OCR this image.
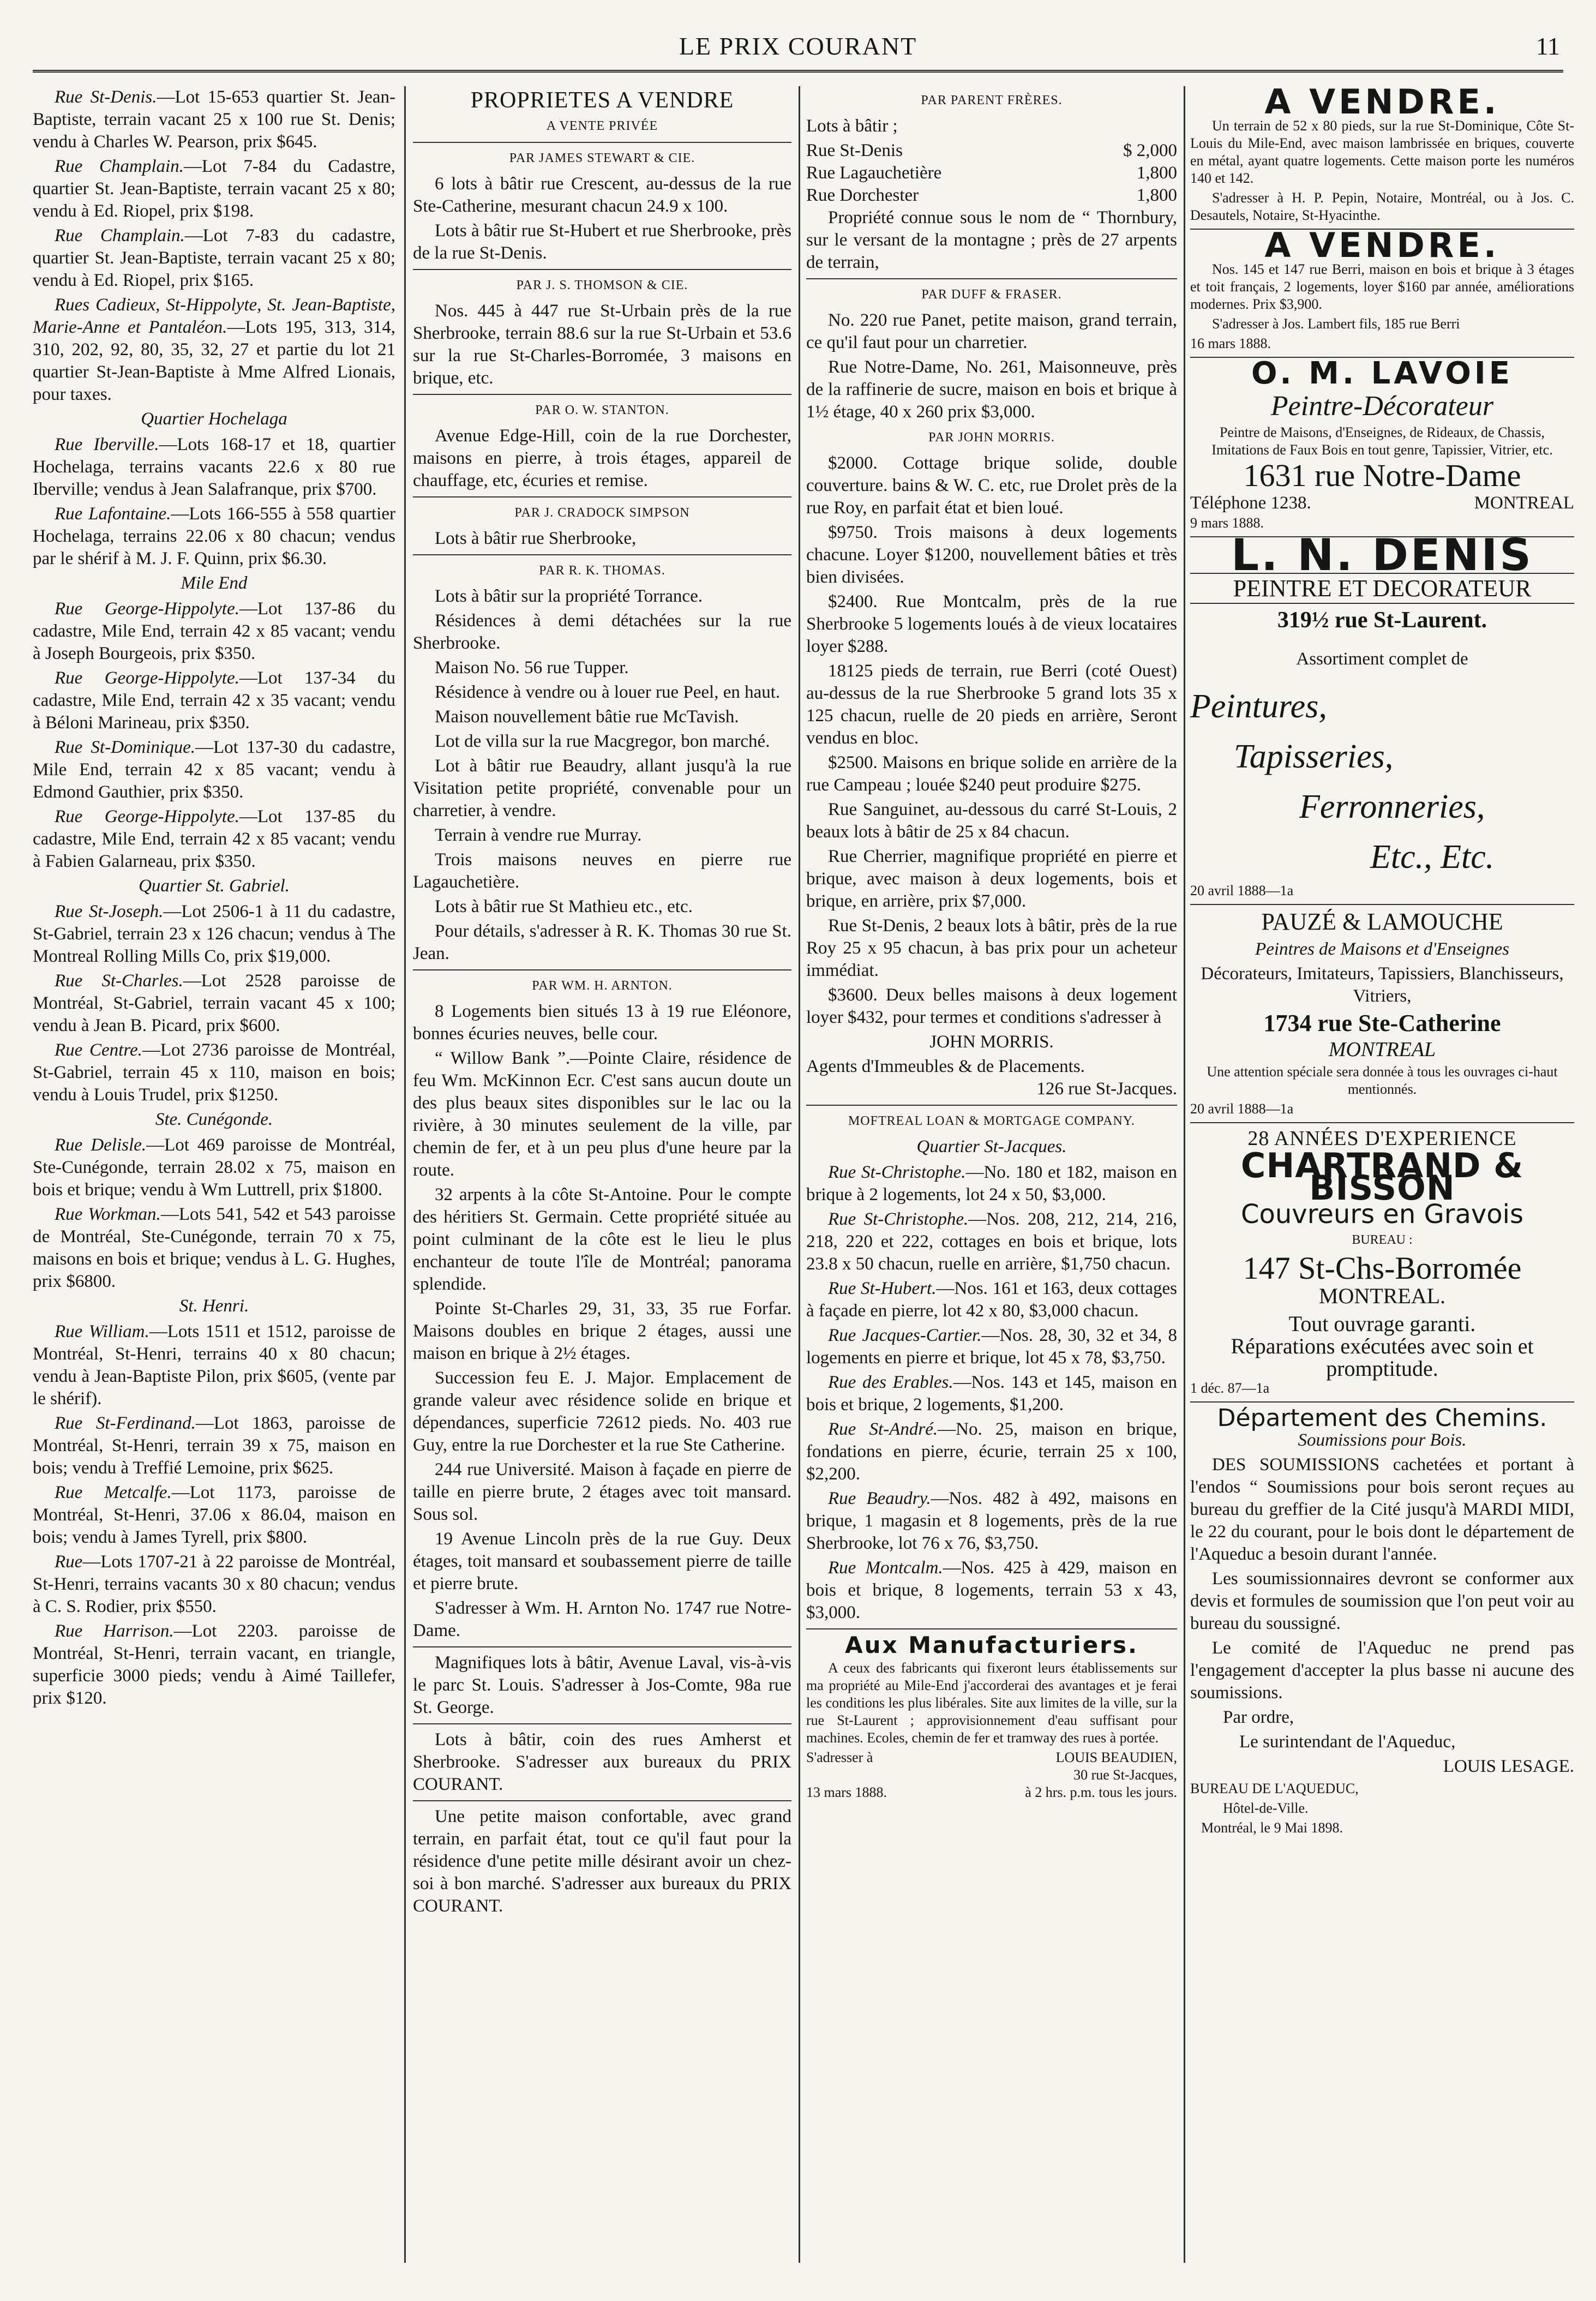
LE PRIX COURANT	11

Rue St-Denis.—Lot 15-653 quartier St. Jean-Baptiste, terrain vacant 25 x 100 rue St. Denis; vendu à Charles W. Pearson, prix $645.

Rue Champlain.—Lot 7-84 du Cadastre, quartier St. Jean-Baptiste, terrain vacant 25 x 80; vendu à Ed. Riopel, prix $198.

Rue Champlain.—Lot 7-83 du cadastre, quartier St. Jean-Baptiste, terrain vacant 25 x 80; vendu à Ed. Riopel, prix $165.

Rues Cadieux, St-Hippolyte, St. Jean-Baptiste, Marie-Anne et Pantaléon.—Lots 195, 313, 314, 310, 202, 92, 80, 35, 32, 27 et partie du lot 21 quartier St-Jean-Baptiste à Mme Alfred Lionais, pour taxes.

Quartier Hochelaga

Rue Iberville.—Lots 168-17 et 18, quartier Hochelaga, terrains vacants 22.6 x 80 rue Iberville; vendus à Jean Salafranque, prix $700.

Rue Lafontaine.—Lots 166-555 à 558 quartier Hochelaga, terrains 22.06 x 80 chacun; vendus par le shérif à M. J. F. Quinn, prix $6.30.

Mile End

Rue George-Hippolyte.—Lot 137-86 du cadastre, Mile End, terrain 42 x 85 vacant; vendu à Joseph Bourgeois, prix $350.

Rue George-Hippolyte.—Lot 137-34 du cadastre, Mile End, terrain 42 x 35 vacant; vendu à Béloni Marineau, prix $350.

Rue St-Dominique.—Lot 137-30 du cadastre, Mile End, terrain 42 x 85 vacant; vendu à Edmond Gauthier, prix $350.

Rue George-Hippolyte.—Lot 137-85 du cadastre, Mile End, terrain 42 x 85 vacant; vendu à Fabien Galarneau, prix $350.

Quartier St. Gabriel.

Rue St-Joseph.—Lot 2506-1 à 11 du cadastre, St-Gabriel, terrain 23 x 126 chacun; vendus à The Montreal Rolling Mills Co, prix $19,000.

Rue St-Charles.—Lot 2528 paroisse de Montréal, St-Gabriel, terrain vacant 45 x 100; vendu à Jean B. Picard, prix $600.

Rue Centre.—Lot 2736 paroisse de Montréal, St-Gabriel, terrain 45 x 110, maison en bois; vendu à Louis Trudel, prix $1250.

Ste. Cunégonde.

Rue Delisle.—Lot 469 paroisse de Montréal, Ste-Cunégonde, terrain 28.02 x 75, maison en bois et brique; vendu à Wm Luttrell, prix $1800.

Rue Workman.—Lots 541, 542 et 543 paroisse de Montréal, Ste-Cunégonde, terrain 70 x 75, maisons en bois et brique; vendus à L. G. Hughes, prix $6800.

St. Henri.

Rue William.—Lots 1511 et 1512, paroisse de Montréal, St-Henri, terrains 40 x 80 chacun; vendu à Jean-Baptiste Pilon, prix $605, (vente par le shérif).

Rue St-Ferdinand.—Lot 1863, paroisse de Montréal, St-Henri, terrain 39 x 75, maison en bois; vendu à Treffié Lemoine, prix $625.

Rue Metcalfe.—Lot 1173, paroisse de Montréal, St-Henri, 37.06 x 86.04, maison en bois; vendu à James Tyrell, prix $800.

Rue—Lots 1707-21 à 22 paroisse de Montréal, St-Henri, terrains vacants 30 x 80 chacun; vendus à C. S. Rodier, prix $550.

Rue Harrison.—Lot 2203. paroisse de Montréal, St-Henri, terrain vacant, en triangle, superficie 3000 pieds; vendu à Aimé Taillefer, prix $120.

PROPRIETES A VENDRE
A VENTE PRIVÉE
PAR JAMES STEWART & CIE.

6 lots à bâtir rue Crescent, au-dessus de la rue Ste-Catherine, mesurant chacun 24.9 x 100.

Lots à bâtir rue St-Hubert et rue Sherbrooke, près de la rue St-Denis.

PAR J. S. THOMSON & CIE.

Nos. 445 à 447 rue St-Urbain près de la rue Sherbrooke, terrain 88.6 sur la rue St-Urbain et 53.6 sur la rue St-Charles-Borromée, 3 maisons en brique, etc.

PAR O. W. STANTON.

Avenue Edge-Hill, coin de la rue Dorchester, maisons en pierre, à trois étages, appareil de chauffage, etc, écuries et remise.

PAR J. CRADOCK SIMPSON

Lots à bâtir rue Sherbrooke,

PAR R. K. THOMAS.

Lots à bâtir sur la propriété Torrance.

Résidences à demi détachées sur la rue Sherbrooke.

Maison No. 56 rue Tupper.

Résidence à vendre ou à louer rue Peel, en haut.

Maison nouvellement bâtie rue McTavish.

Lot de villa sur la rue Macgregor, bon marché.

Lot à bâtir rue Beaudry, allant jusqu'à la rue Visitation petite propriété, convenable pour un charretier, à vendre.

Terrain à vendre rue Murray.

Trois maisons neuves en pierre rue Lagauchetière.

Lots à bâtir rue St Mathieu etc., etc.

Pour détails, s'adresser à R. K. Thomas 30 rue St. Jean.

PAR WM. H. ARNTON.

8 Logements bien situés 13 à 19 rue Eléonore, bonnes écuries neuves, belle cour.

“ Willow Bank ”.—Pointe Claire, résidence de feu Wm. McKinnon Ecr. C'est sans aucun doute un des plus beaux sites disponibles sur le lac ou la rivière, à 30 minutes seulement de la ville, par chemin de fer, et à un peu plus d'une heure par la route.

32 arpents à la côte St-Antoine. Pour le compte des héritiers St. Germain. Cette propriété située au point culminant de la côte est le lieu le plus enchanteur de toute l'île de Montréal; panorama splendide.

Pointe St-Charles 29, 31, 33, 35 rue Forfar. Maisons doubles en brique 2 étages, aussi une maison en brique à 2½ étages.

Succession feu E. J. Major. Emplacement de grande valeur avec résidence solide en brique et dépendances, superficie 72612 pieds. No. 403 rue Guy, entre la rue Dorchester et la rue Ste Catherine.

244 rue Université. Maison à façade en pierre de taille en pierre brute, 2 étages avec toit mansard. Sous sol.

19 Avenue Lincoln près de la rue Guy. Deux étages, toit mansard et soubassement pierre de taille et pierre brute.

S'adresser à Wm. H. Arnton No. 1747 rue Notre-Dame.

Magnifiques lots à bâtir, Avenue Laval, vis-à-vis le parc St. Louis. S'adresser à Jos-Comte, 98a rue St. George.

Lots à bâtir, coin des rues Amherst et Sherbrooke. S'adresser aux bureaux du PRIX COURANT.

Une petite maison confortable, avec grand terrain, en parfait état, tout ce qu'il faut pour la résidence d'une petite mille désirant avoir un chez-soi à bon marché. S'adresser aux bureaux du PRIX COURANT.

PAR PARENT FRÈRES.

Lots à bâtir ;

Rue St-Denis	$ 2,000
Rue Lagauchetière	1,800
Rue Dorchester	1,800

Propriété connue sous le nom de “ Thornbury, sur le versant de la montagne ; près de 27 arpents de terrain,

PAR DUFF & FRASER.

No. 220 rue Panet, petite maison, grand terrain, ce qu'il faut pour un charretier.

Rue Notre-Dame, No. 261, Maisonneuve, près de la raffinerie de sucre, maison en bois et brique à 1½ étage, 40 x 260 prix $3,000.

PAR JOHN MORRIS.

$2000. Cottage brique solide, double couverture. bains & W. C. etc, rue Drolet près de la rue Roy, en parfait état et bien loué.

$9750. Trois maisons à deux logements chacune. Loyer $1200, nouvellement bâties et très bien divisées.

$2400. Rue Montcalm, près de la rue Sherbrooke 5 logements loués à de vieux locataires loyer $288.

18125 pieds de terrain, rue Berri (coté Ouest) au-dessus de la rue Sherbrooke 5 grand lots 35 x 125 chacun, ruelle de 20 pieds en arrière, Seront vendus en bloc.

$2500. Maisons en brique solide en arrière de la rue Campeau ; louée $240 peut produire $275.

Rue Sanguinet, au-dessous du carré St-Louis, 2 beaux lots à bâtir de 25 x 84 chacun.

Rue Cherrier, magnifique propriété en pierre et brique, avec maison à deux logements, bois et brique, en arrière, prix $7,000.

Rue St-Denis, 2 beaux lots à bâtir, près de la rue Roy 25 x 95 chacun, à bas prix pour un acheteur immédiat.

$3600. Deux belles maisons à deux logement loyer $432, pour termes et conditions s'adresser à

JOHN MORRIS.

Agents d'Immeubles & de Placements.

126 rue St-Jacques.

MOFTREAL LOAN & MORTGAGE COMPANY.
Quartier St-Jacques.

Rue St-Christophe.—No. 180 et 182, maison en brique à 2 logements, lot 24 x 50, $3,000.

Rue St-Christophe.—Nos. 208, 212, 214, 216, 218, 220 et 222, cottages en bois et brique, lots 23.8 x 50 chacun, ruelle en arrière, $1,750 chacun.

Rue St-Hubert.—Nos. 161 et 163, deux cottages à façade en pierre, lot 42 x 80, $3,000 chacun.

Rue Jacques-Cartier.—Nos. 28, 30, 32 et 34, 8 logements en pierre et brique, lot 45 x 78, $3,750.

Rue des Erables.—Nos. 143 et 145, maison en bois et brique, 2 logements, $1,200.

Rue St-André.—No. 25, maison en brique, fondations en pierre, écurie, terrain 25 x 100, $2,200.

Rue Beaudry.—Nos. 482 à 492, maisons en brique, 1 magasin et 8 logements, près de la rue Sherbrooke, lot 76 x 76, $3,750.

Rue Montcalm.—Nos. 425 à 429, maison en bois et brique, 8 logements, terrain 53 x 43, $3,000.

Aux Manufacturiers.

A ceux des fabricants qui fixeront leurs établissements sur ma propriété au Mile-End j'accorderai des avantages et je ferai les conditions les plus libérales. Site aux limites de la ville, sur la rue St-Laurent ; approvisionnement d'eau suffisant pour machines. Ecoles, chemin de fer et tramway des rues à portée.

S'adresser à	LOUIS BEAUDIEN,
30 rue St-Jacques,
13 mars 1888.	à 2 hrs. p.m. tous les jours.
A VENDRE.

Un terrain de 52 x 80 pieds, sur la rue St-Dominique, Côte St-Louis du Mile-End, avec maison lambrissée en briques, couverte en métal, ayant quatre logements. Cette maison porte les numéros 140 et 142.

S'adresser à H. P. Pepin, Notaire, Montréal, ou à Jos. C. Desautels, Notaire, St-Hyacinthe.

A VENDRE.

Nos. 145 et 147 rue Berri, maison en bois et brique à 3 étages et toit français, 2 logements, loyer $160 par année, améliorations modernes. Prix $3,900.

S'adresser à Jos. Lambert fils, 185 rue Berri

16 mars 1888.

O. M. LAVOIE
Peintre-Décorateur

Peintre de Maisons, d'Enseignes, de Rideaux, de Chassis, Imitations de Faux Bois en tout genre, Tapissier, Vitrier, etc.

1631 rue Notre-Dame
Téléphone 1238.	MONTREAL

9 mars 1888.

L. N. DENIS
PEINTRE ET DECORATEUR
319½ rue St-Laurent.

Assortiment complet de

Peintures,
Tapisseries,
Ferronneries,
Etc., Etc.

20 avril 1888—1a

PAUZÉ & LAMOUCHE

Peintres de Maisons et d'Enseignes

Décorateurs, Imitateurs, Tapissiers, Blanchisseurs, Vitriers,

1734 rue Ste-Catherine

MONTREAL

Une attention spéciale sera donnée à tous les ouvrages ci-haut mentionnés.

20 avril 1888—1a

28 ANNÉES D'EXPERIENCE
CHARTRAND & BISSON
Couvreurs en Gravois
BUREAU :
147 St-Chs-Borromée
MONTREAL.
Tout ouvrage garanti.
Réparations exécutées avec soin et promptitude.

1 déc. 87—1a

Département des Chemins.

Soumissions pour Bois.

DES SOUMISSIONS cachetées et portant à l'endos “ Soumissions pour bois seront reçues au bureau du greffier de la Cité jusqu'à MARDI MIDI, le 22 du courant, pour le bois dont le département de l'Aqueduc a besoin durant l'année.

Les soumissionnaires devront se conformer aux devis et formules de soumission que l'on peut voir au bureau du soussigné.

Le comité de l'Aqueduc ne prend pas l'engagement d'accepter la plus basse ni aucune des soumissions.

Par ordre,

Le surintendant de l'Aqueduc,

LOUIS LESAGE.

BUREAU DE L'AQUEDUC,

Hôtel-de-Ville.

Montréal, le 9 Mai 1898.
